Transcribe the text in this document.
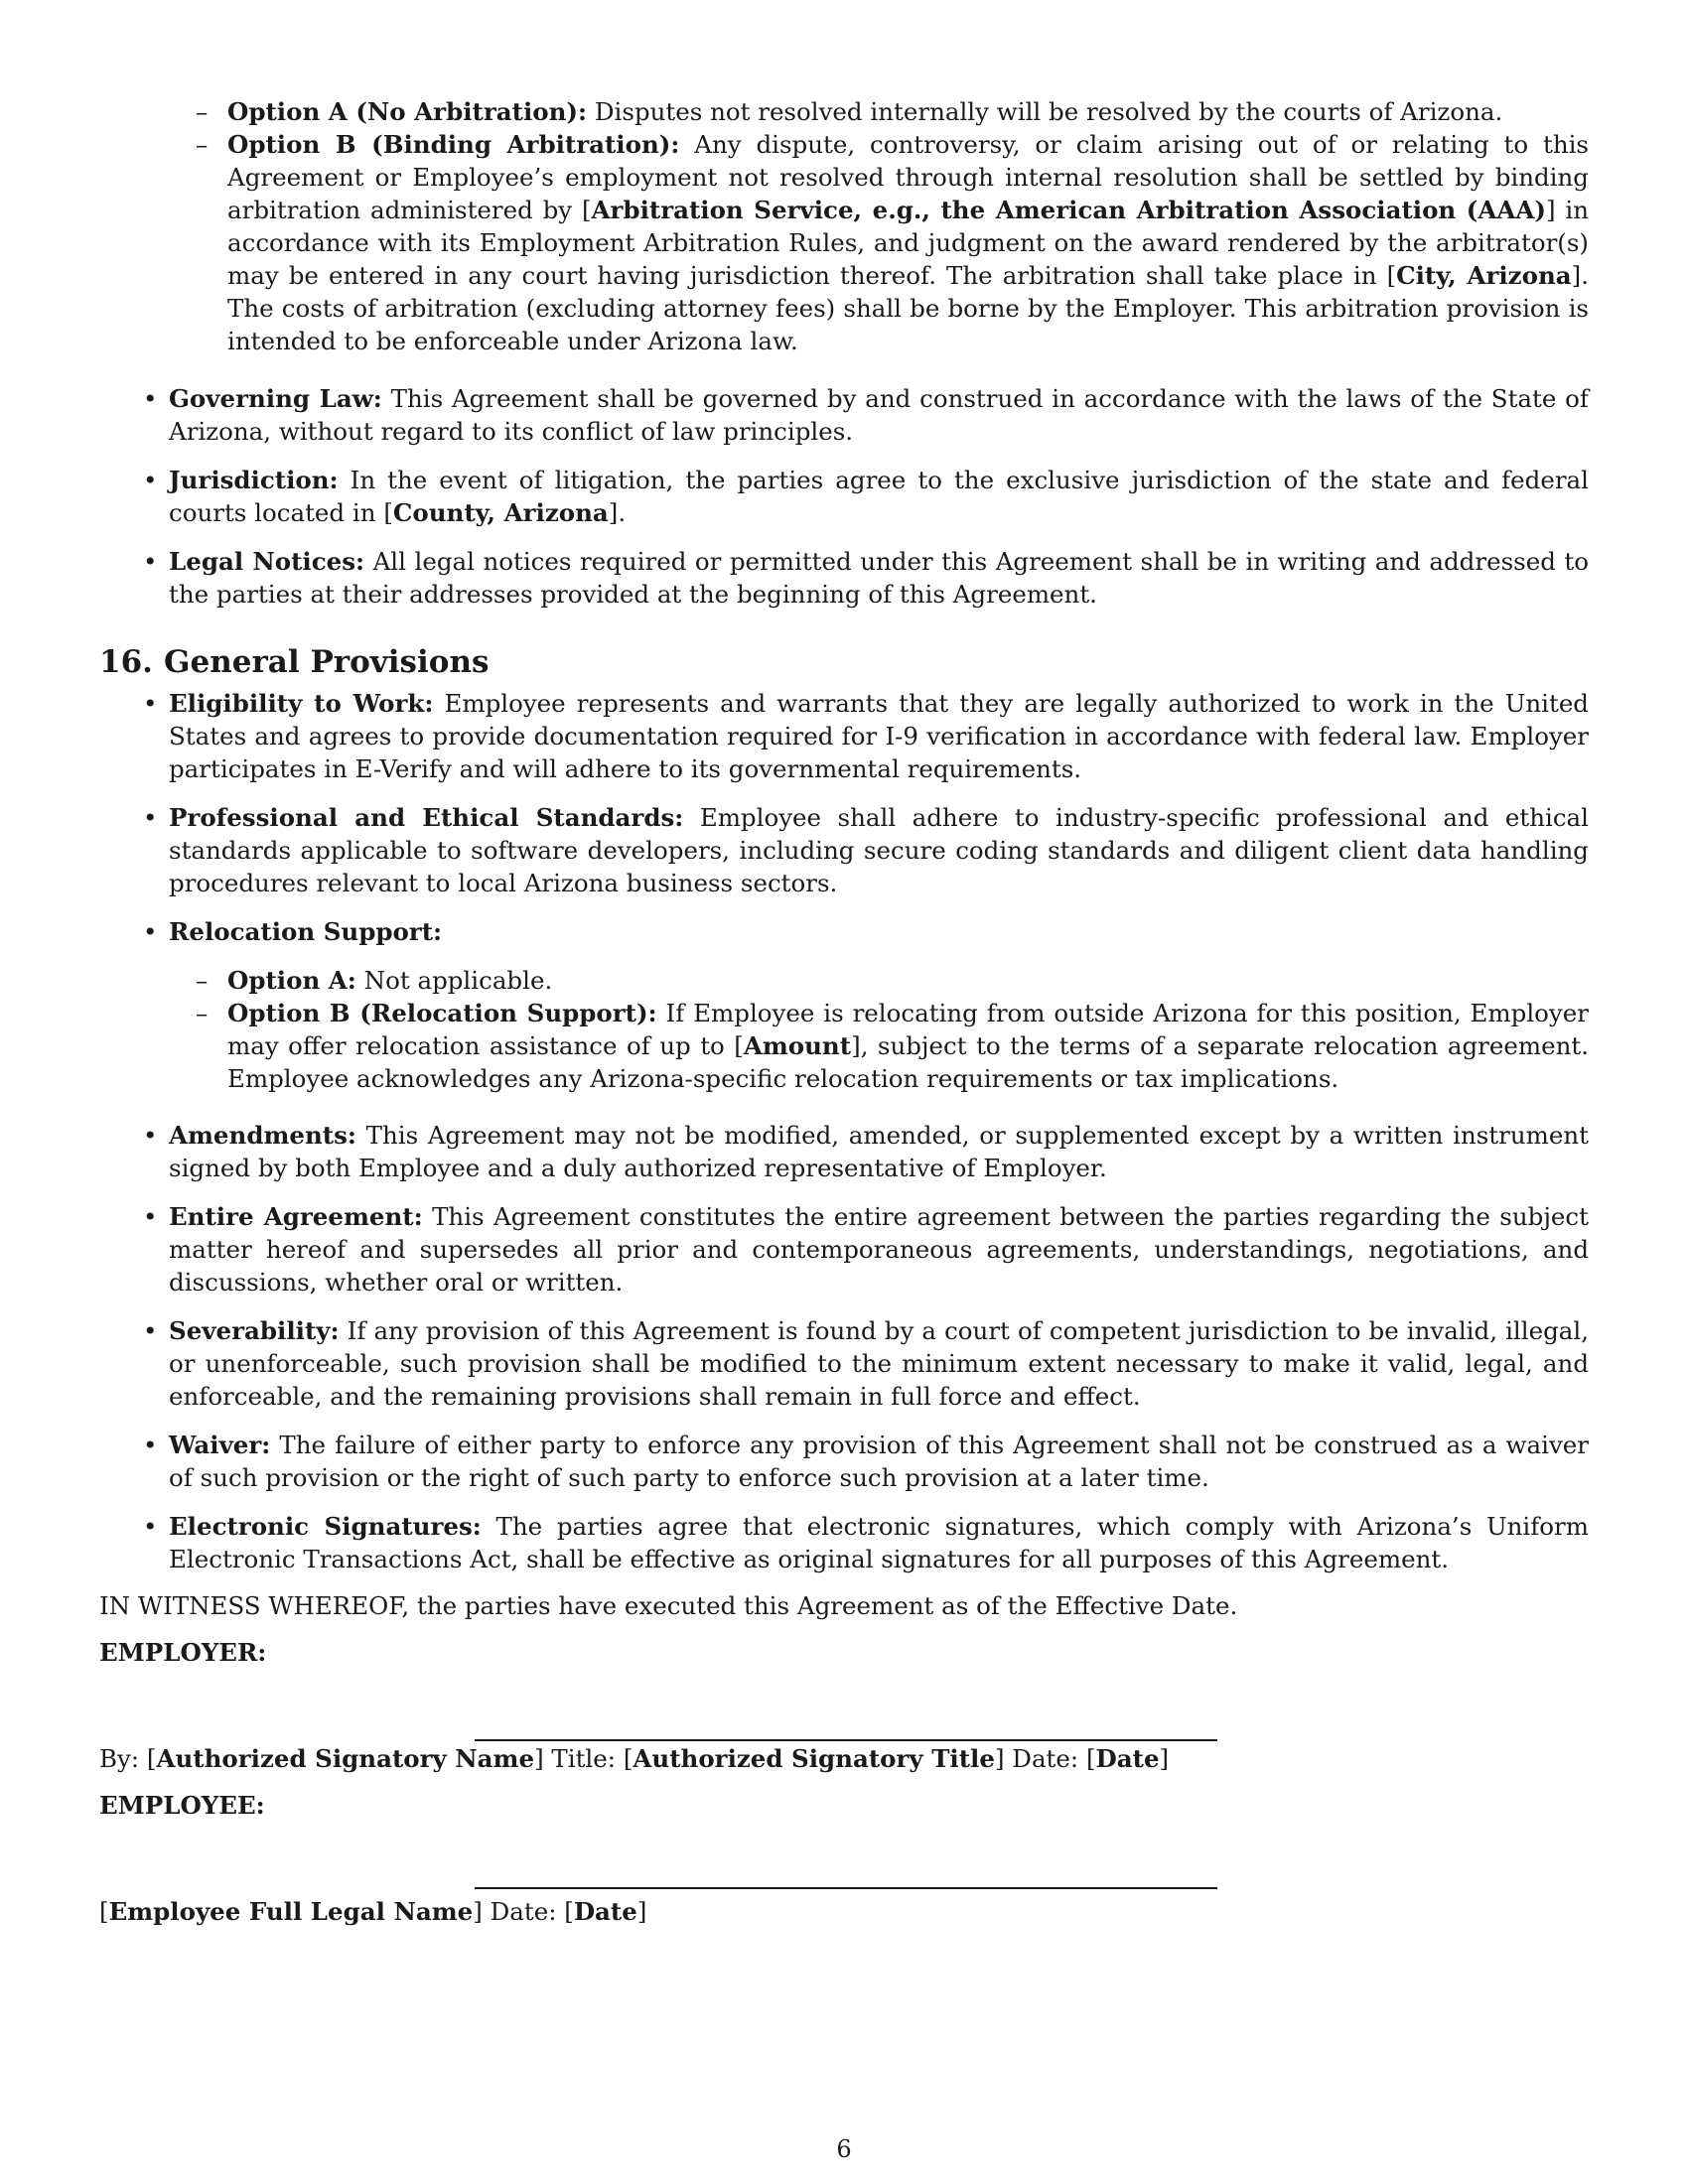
– Option A (No Arbitration): Disputes not resolved internally will be resolved by the courts of Arizona.
– Option B (Binding Arbitration): Any dispute, controversy, or claim arising out of or relating to this Agreement or Employee’s employment not resolved through internal resolution shall be settled by binding arbitration administered by [Arbitration Service, e.g., the American Arbitration Association (AAA)] in accordance with its Employment Arbitration Rules, and judgment on the award rendered by the arbitrator(s) may be entered in any court having jurisdiction thereof. The arbitration shall take place in [City, Arizona]. The costs of arbitration (excluding attorney fees) shall be borne by the Employer. This arbitration provision is intended to be enforceable under Arizona law.
• Governing Law: This Agreement shall be governed by and construed in accordance with the laws of the State of Arizona, without regard to its conflict of law principles.
• Jurisdiction: In the event of litigation, the parties agree to the exclusive jurisdiction of the state and federal courts located in [County, Arizona].
• Legal Notices: All legal notices required or permitted under this Agreement shall be in writing and addressed to the parties at their addresses provided at the beginning of this Agreement.
16. General Provisions
• Eligibility to Work: Employee represents and warrants that they are legally authorized to work in the United States and agrees to provide documentation required for I-9 verification in accordance with federal law. Employer participates in E-Verify and will adhere to its governmental requirements.
• Professional and Ethical Standards: Employee shall adhere to industry-specific professional and ethical standards applicable to software developers, including secure coding standards and diligent client data handling procedures relevant to local Arizona business sectors.
• Relocation Support:
– Option A: Not applicable.
– Option B (Relocation Support): If Employee is relocating from outside Arizona for this position, Employer may offer relocation assistance of up to [Amount], subject to the terms of a separate relocation agreement. Employee acknowledges any Arizona-specific relocation requirements or tax implications.
• Amendments: This Agreement may not be modified, amended, or supplemented except by a written instrument signed by both Employee and a duly authorized representative of Employer.
• Entire Agreement: This Agreement constitutes the entire agreement between the parties regarding the subject matter hereof and supersedes all prior and contemporaneous agreements, understandings, negotiations, and discussions, whether oral or written.
• Severability: If any provision of this Agreement is found by a court of competent jurisdiction to be invalid, illegal, or unenforceable, such provision shall be modified to the minimum extent necessary to make it valid, legal, and enforceable, and the remaining provisions shall remain in full force and effect.
• Waiver: The failure of either party to enforce any provision of this Agreement shall not be construed as a waiver of such provision or the right of such party to enforce such provision at a later time.
• Electronic Signatures: The parties agree that electronic signatures, which comply with Arizona’s Uniform Electronic Transactions Act, shall be effective as original signatures for all purposes of this Agreement.

IN WITNESS WHEREOF, the parties have executed this Agreement as of the Effective Date.

EMPLOYER:

By: [Authorized Signatory Name] Title: [Authorized Signatory Title] Date: [Date]

EMPLOYEE:

[Employee Full Legal Name] Date: [Date]

6
